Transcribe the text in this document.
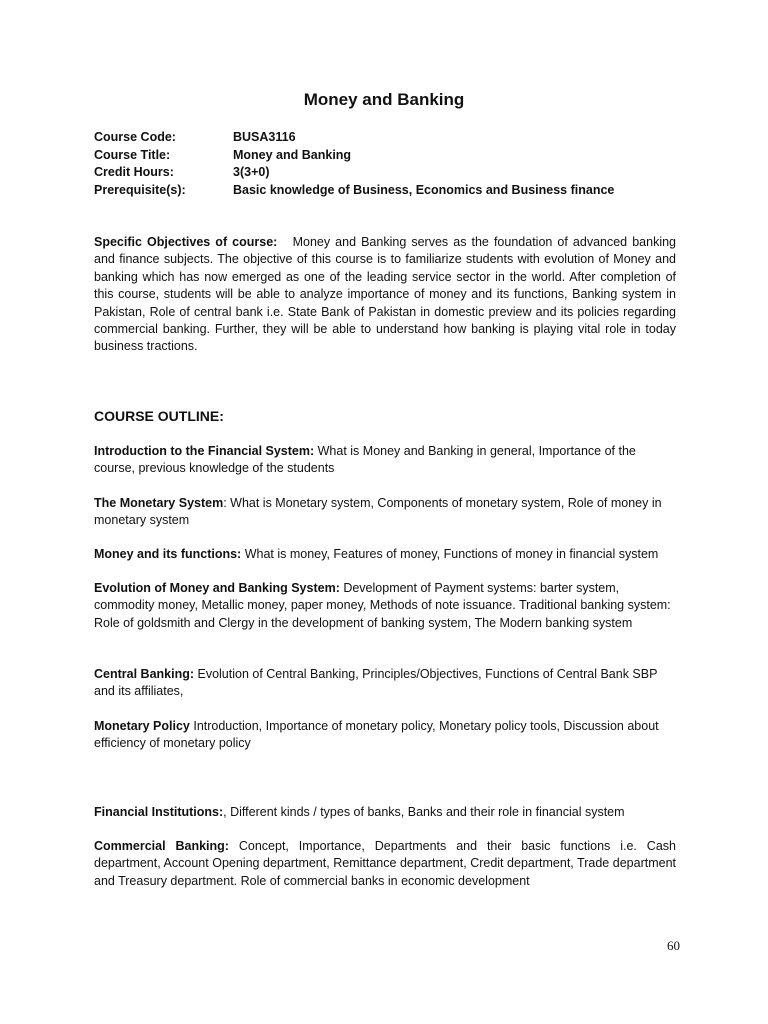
Money and Banking
Course Code:	BUSA3116
Course Title:	Money and Banking
Credit Hours:	3(3+0)
Prerequisite(s):	Basic knowledge of Business, Economics and Business finance

Specific Objectives of course: Money and Banking serves as the foundation of advanced banking and finance subjects. The objective of this course is to familiarize students with evolution of Money and banking which has now emerged as one of the leading service sector in the world. After completion of this course, students will be able to analyze importance of money and its functions, Banking system in Pakistan, Role of central bank i.e. State Bank of Pakistan in domestic preview and its policies regarding commercial banking. Further, they will be able to understand how banking is playing vital role in today business tractions.

COURSE OUTLINE:

Introduction to the Financial System: What is Money and Banking in general, Importance of the course, previous knowledge of the students

The Monetary System: What is Monetary system, Components of monetary system, Role of money in monetary system

Money and its functions: What is money, Features of money, Functions of money in financial system

Evolution of Money and Banking System: Development of Payment systems: barter system, commodity money, Metallic money, paper money, Methods of note issuance. Traditional banking system: Role of goldsmith and Clergy in the development of banking system, The Modern banking system

Central Banking: Evolution of Central Banking, Principles/Objectives, Functions of Central Bank SBP and its affiliates,

Monetary Policy Introduction, Importance of monetary policy, Monetary policy tools, Discussion about efficiency of monetary policy

Financial Institutions:, Different kinds / types of banks, Banks and their role in financial system

Commercial Banking: Concept, Importance, Departments and their basic functions i.e. Cash department, Account Opening department, Remittance department, Credit department, Trade department and Treasury department. Role of commercial banks in economic development

60
